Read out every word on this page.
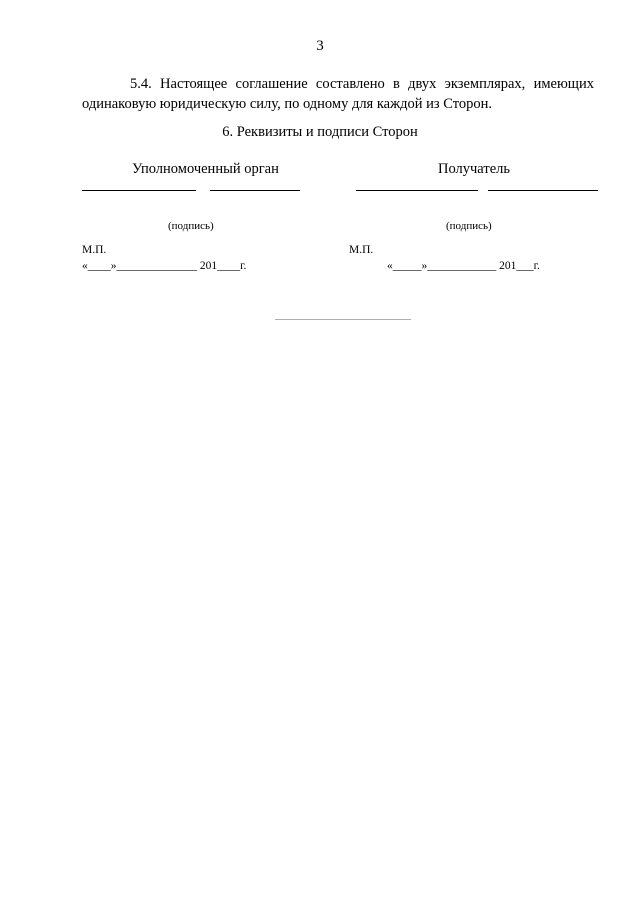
3
5.4. Настоящее соглашение составлено в двух экземплярах, имеющих
одинаковую юридическую силу, по одному для каждой из Сторон.
6. Реквизиты и подписи Сторон
Уполномоченный орган	Получатель
(подпись)	(подпись)
М.П.	М.П.
«____»______________ 201____г.	«_____»____________ 201___г.
